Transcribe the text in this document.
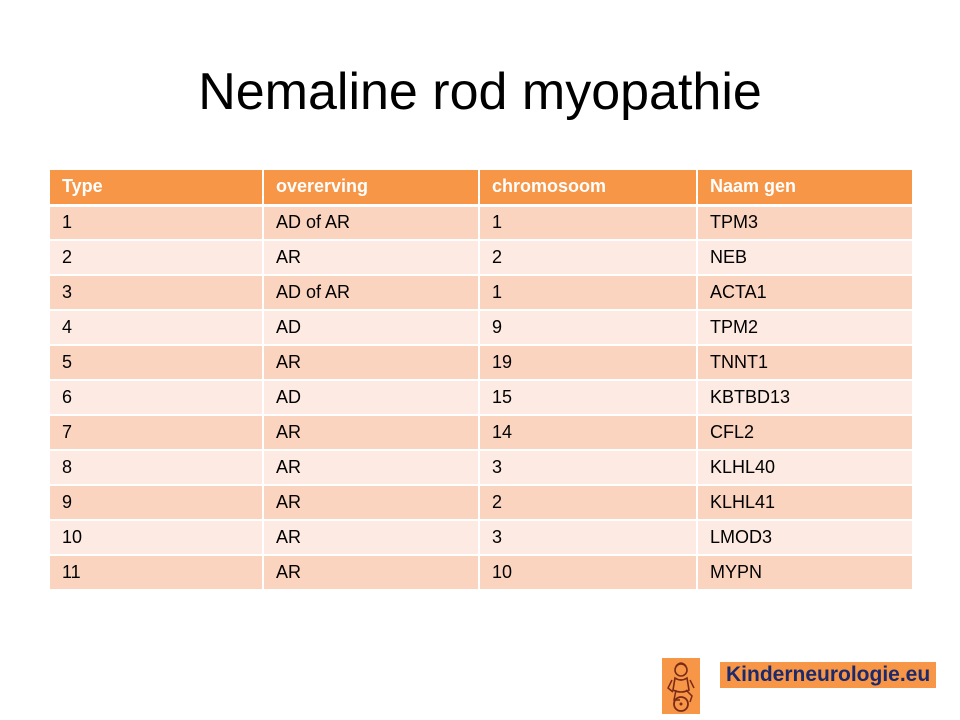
Nemaline rod myopathie
Type	overerving	chromosoom	Naam gen
1	AD of AR	1	TPM3
2	AR	2	NEB
3	AD of AR	1	ACTA1
4	AD	9	TPM2
5	AR	19	TNNT1
6	AD	15	KBTBD13
7	AR	14	CFL2
8	AR	3	KLHL40
9	AR	2	KLHL41
10	AR	3	LMOD3
11	AR	10	MYPN
Kinderneurologie.eu
